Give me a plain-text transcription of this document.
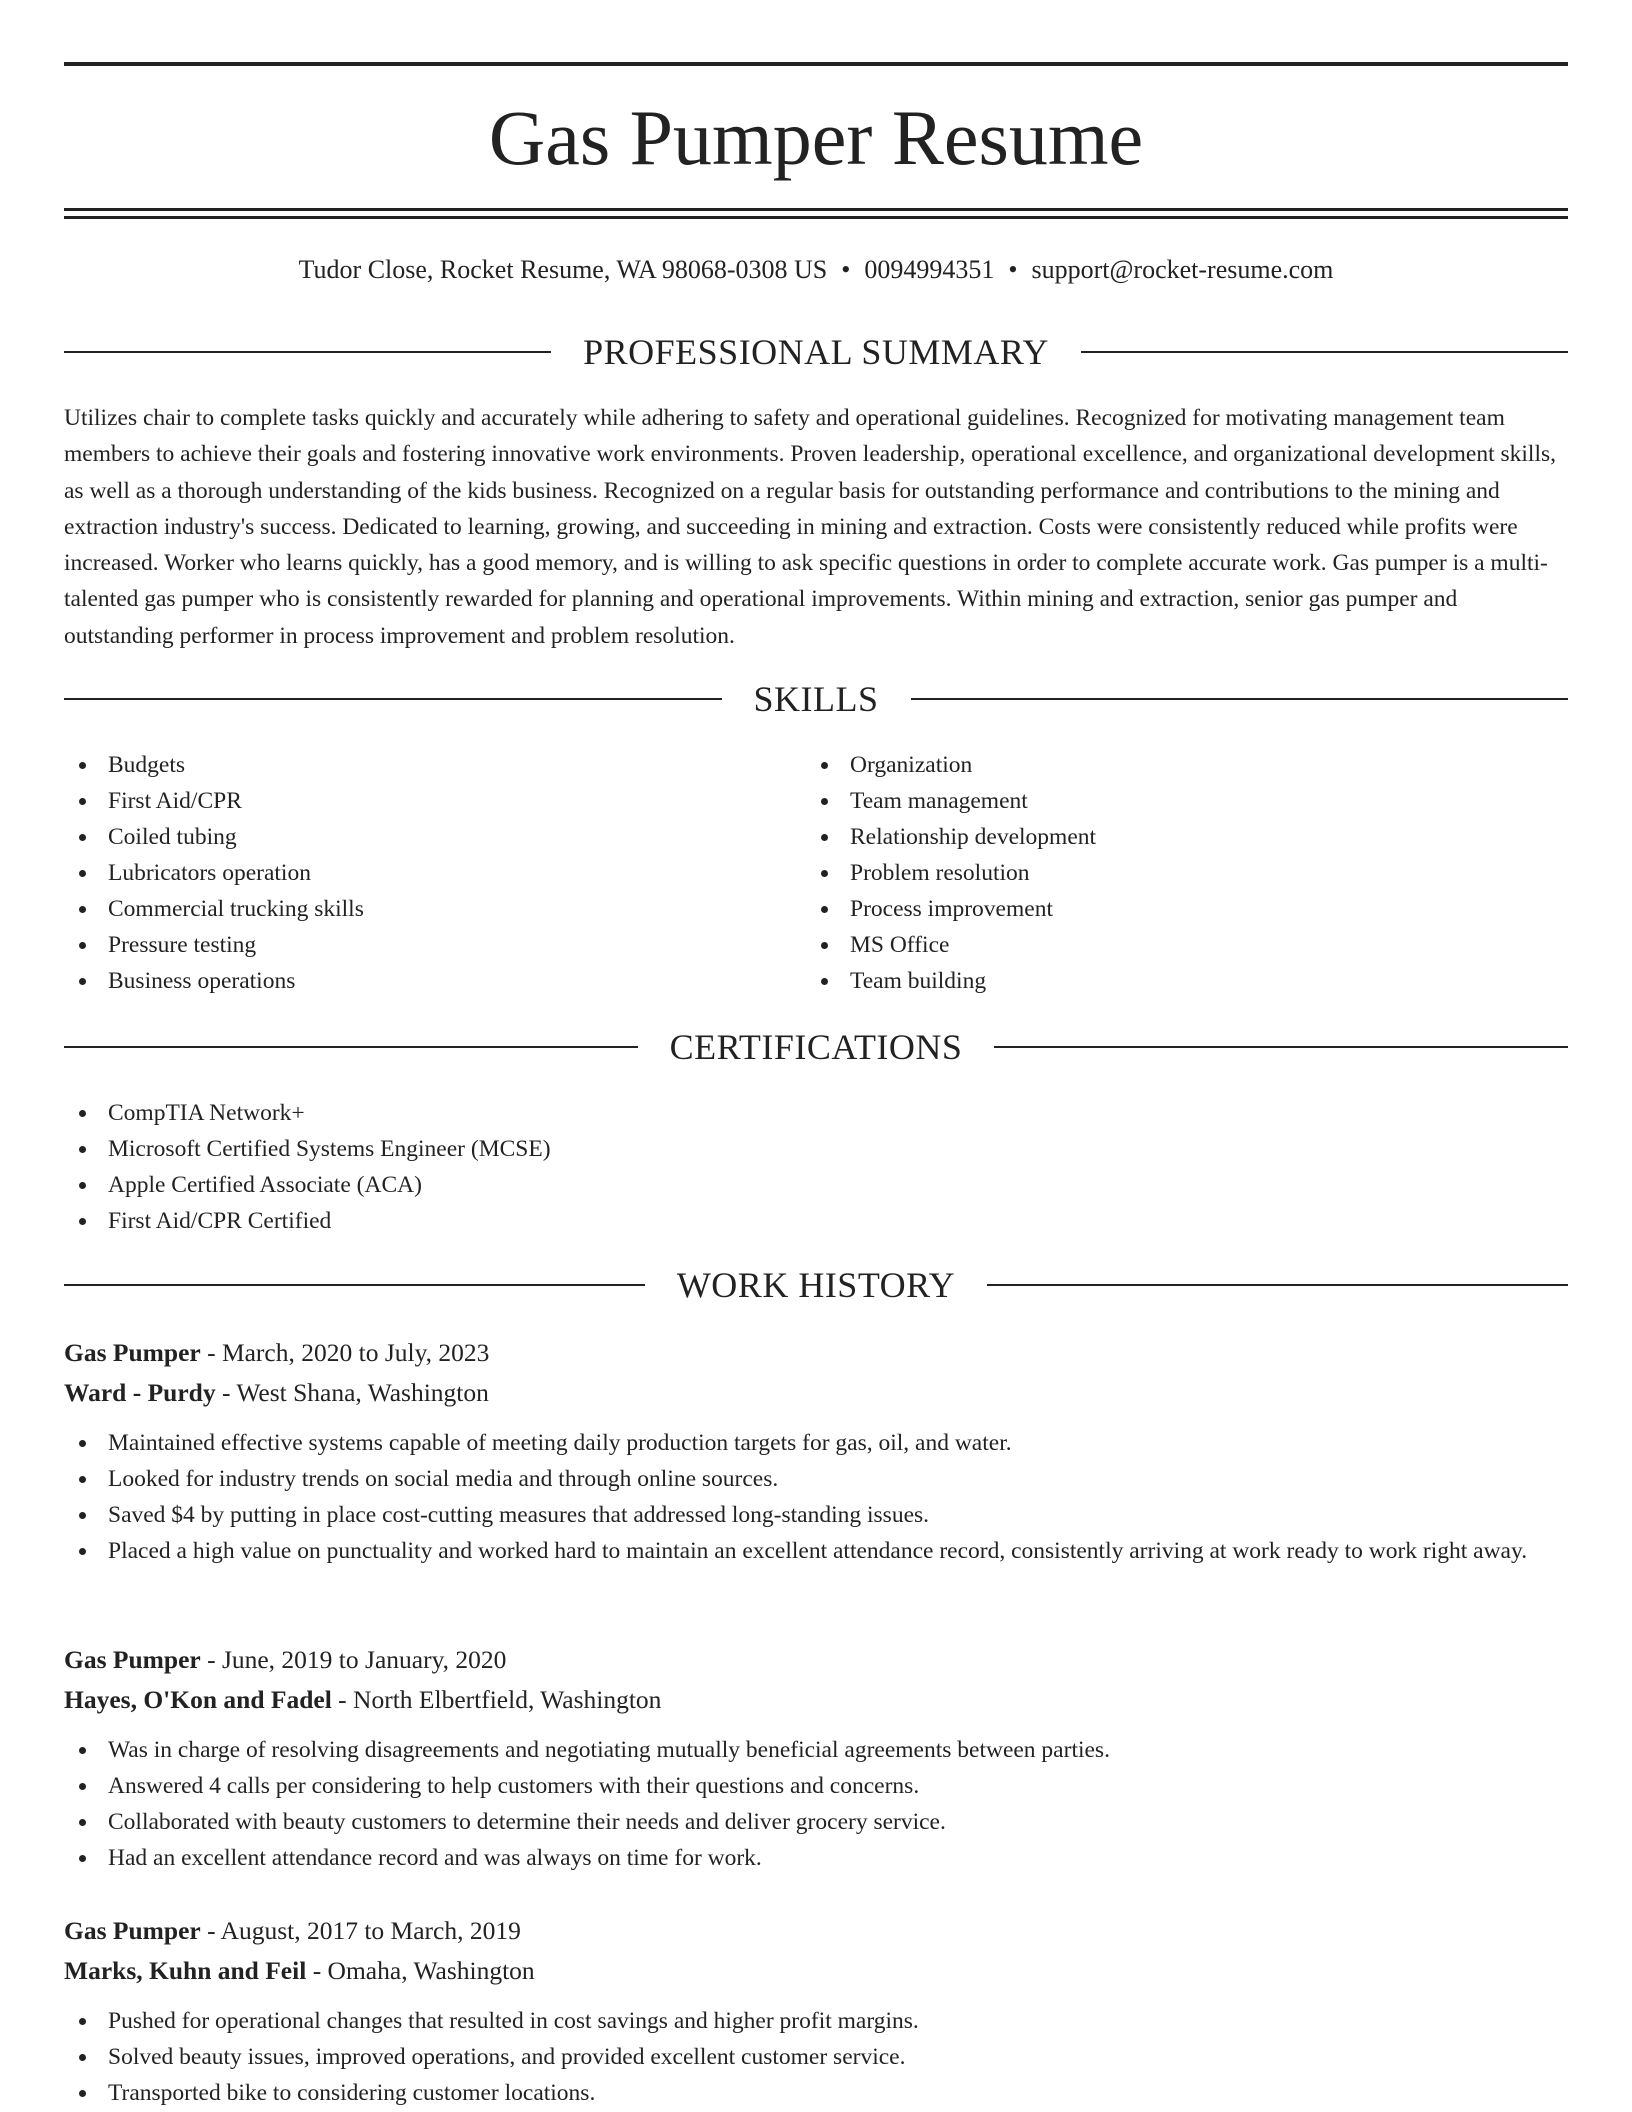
Gas Pumper Resume
Tudor Close, Rocket Resume, WA 98068-0308 US • 0094994351 • support@rocket-resume.com
PROFESSIONAL SUMMARY

Utilizes chair to complete tasks quickly and accurately while adhering to safety and operational guidelines. Recognized for motivating management team members to achieve their goals and fostering innovative work environments. Proven leadership, operational excellence, and organizational development skills, as well as a thorough understanding of the kids business. Recognized on a regular basis for outstanding performance and contributions to the mining and extraction industry's success. Dedicated to learning, growing, and succeeding in mining and extraction. Costs were consistently reduced while profits were increased. Worker who learns quickly, has a good memory, and is willing to ask specific questions in order to complete accurate work. Gas pumper is a multi-talented gas pumper who is consistently rewarded for planning and operational improvements. Within mining and extraction, senior gas pumper and outstanding performer in process improvement and problem resolution.

SKILLS
Budgets
First Aid/CPR
Coiled tubing
Lubricators operation
Commercial trucking skills
Pressure testing
Business operations
Organization
Team management
Relationship development
Problem resolution
Process improvement
MS Office
Team building
CERTIFICATIONS
CompTIA Network+
Microsoft Certified Systems Engineer (MCSE)
Apple Certified Associate (ACA)
First Aid/CPR Certified
WORK HISTORY
Gas Pumper - March, 2020 to July, 2023
Ward - Purdy - West Shana, Washington
Maintained effective systems capable of meeting daily production targets for gas, oil, and water.
Looked for industry trends on social media and through online sources.
Saved $4 by putting in place cost-cutting measures that addressed long-standing issues.
Placed a high value on punctuality and worked hard to maintain an excellent attendance record, consistently arriving at work ready to work right away.
Gas Pumper - June, 2019 to January, 2020
Hayes, O'Kon and Fadel - North Elbertfield, Washington
Was in charge of resolving disagreements and negotiating mutually beneficial agreements between parties.
Answered 4 calls per considering to help customers with their questions and concerns.
Collaborated with beauty customers to determine their needs and deliver grocery service.
Had an excellent attendance record and was always on time for work.
Gas Pumper - August, 2017 to March, 2019
Marks, Kuhn and Feil - Omaha, Washington
Pushed for operational changes that resulted in cost savings and higher profit margins.
Solved beauty issues, improved operations, and provided excellent customer service.
Transported bike to considering customer locations.
